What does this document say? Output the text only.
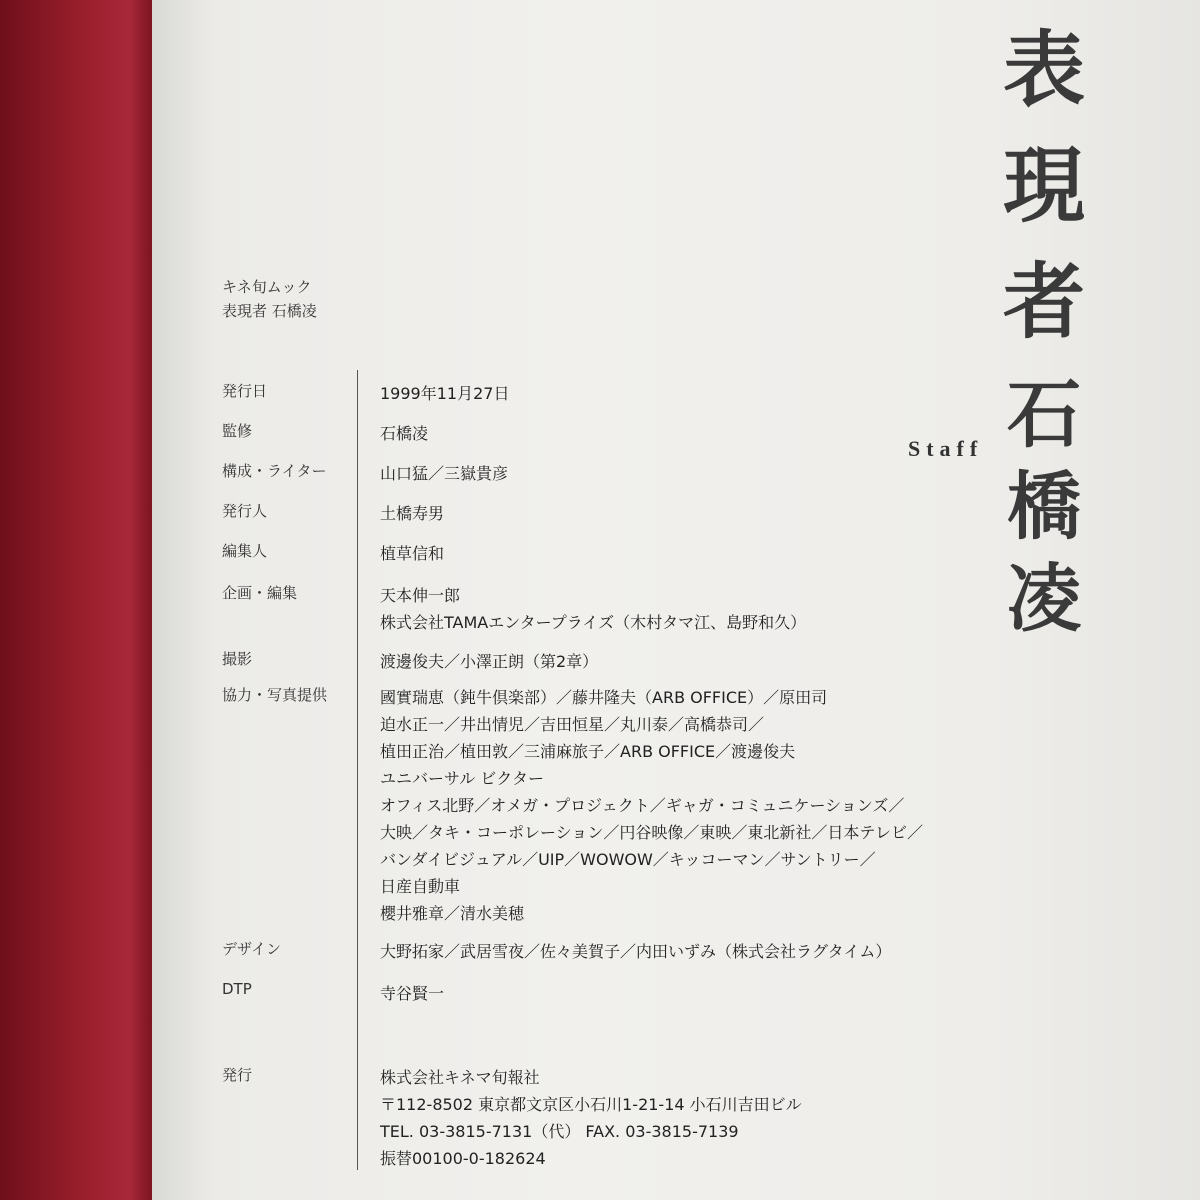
表
現
者
石
橋
凌
Staff
キネ旬ムック
表現者 石橋凌
発行日	1999年11月27日
監修	石橋凌
構成・ライター	山口猛／三嶽貴彦
発行人	土橋寿男
編集人	植草信和
企画・編集	天本伸一郎
株式会社TAMAエンタープライズ（木村タマ江、島野和久）
撮影	渡邊俊夫／小澤正朗（第2章）
協力・写真提供	國實瑞恵（鈍牛倶楽部）／藤井隆夫（ARB OFFICE）／原田司
迫水正一／井出情児／吉田恒星／丸川泰／高橋恭司／
植田正治／植田敦／三浦麻旅子／ARB OFFICE／渡邊俊夫
ユニバーサル ビクター
オフィス北野／オメガ・プロジェクト／ギャガ・コミュニケーションズ／
大映／タキ・コーポレーション／円谷映像／東映／東北新社／日本テレビ／
バンダイビジュアル／UIP／WOWOW／キッコーマン／サントリー／
日産自動車
櫻井雅章／清水美穂
デザイン	大野拓家／武居雪夜／佐々美賀子／内田いずみ（株式会社ラグタイム）
DTP	寺谷賢一
発行	株式会社キネマ旬報社
〒112-8502 東京都文京区小石川1-21-14 小石川吉田ビル
TEL. 03-3815-7131（代） FAX. 03-3815-7139
振替00100-0-182624
